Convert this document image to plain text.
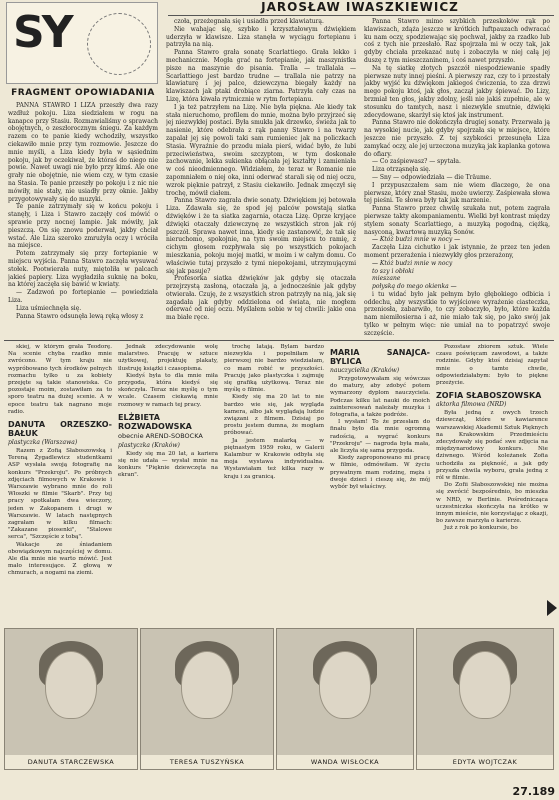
SY
FRAGMENT OPOWIADANIA
JAROSŁAW IWASZKIEWICZ

PANNA STAWRO I LIZA przeszły dwa razy wzdłuż pokoju. Liza siedziałem w rogu na kanapce przy Stasiu. Rozmawialiśmy o sprawach obojętnych, o zeszłorocznym śniegu. Za każdym razem co te panie kiedy wchodziły, wszystko ciekawiło mnie przy tym rozmowie. Jeszcze do mnie myśli, a Liza kiedy była w sąsiednim pokoju, jak by oczekiwał, że któraś do niego nie powie. Nawet uwagi nie było przy kimś. Ale one grały nie obojętnie, nie wiem czy, w tym czasie na Stasia. Te panie przeszły po pokoju i z nic nie mówiły, nie stały, nie usiadły przy oknie. Jakby przygotowywały się do muzyki.

Te panie zatrzymały się w końcu pokoju i stanęły, i Liza i Stawro zaczęły coś mówić o sprawie przy nocnej lampie. Jak mówiły, jak pieszczą. On się znowu poderwał, jakby chciał wstać. Ale Liza szeroko zmrużyła oczy i wróciła na miejsce.

Potem zatrzymały się przy fortepianie w miejscu wyjścia. Panna Stawro zaczęła wysuwać stołek. Pootwierała nuty, miętoliła w palcach jakieś papiery. Liza wygładziła suknię na boku, na której zaczęła się bawić w kwiaty.

— Zadzwoń po fortepianie — powiedziała Liza.

Liza uśmiechnęła się.

Panna Stawro odsunęła lewą ręką włosy z

czoła, przeżegnała się i usiadła przed klawiaturą.

Nie wahając się, szybko i krzyształowym dźwiękiem uderzyła w klawisze. Liza stanęła w wyciągu fortepianu i patrzyła na nią.

Panna Stawro grała sonatę Scarlattiego. Grała lekko i mechanicznie. Mogła grać na fortepianie, jak maszynistka pisze na maszynie do pisania. Tralla — trallalala — Scarlattiego jest bardzo trudne — trallala nie patrzy na klawiaturę i jej palce, dziewczyna biegały każdy na klawiszach jak ptaki drobiące ziarna. Patrzyła cały czas na Lizę, która kiwała rytmicznie w rytm fortepianu.

I ja też patrzyłem na Lizę. Nie była piękna. Ale kiedy tak stała nieruchomo, profilem do mnie, można było przyjrzeć się jej niezwykłej postaci. Była smukła jak drzewko, świeża jak to nasienie, które odebrała z rąk panny Stawro i na twarzy zapalał jej się powoli taki sam rumieniec jak na policzkach Stasia. Wyraźnie do przodu miała pierś, widać było, że lubi przeciwieństwa, swoim szczyptom, w tym doskonałe zachowanie, lekka sukienka obłącała jej kształty i zamieniała w coś nieodmiennego. Widziałem, że teraz w Romanie nie zapomniałem o niej oka, inni oderwać starali się od niej oczu, wzrok pięknie patrzył, z Stasiu ciekawiło. Jednak zmęczył się trochę, mówił ciałem.

Panna Stawro zagrała dwie sonaty. Dźwiękiem jej betowała Liza. Zdawała się, że spod jej palców powstają siatka dźwięków i że ta siatka zagarnia, otacza Lizę. Oprze kryjące dźwięki otaczały dziewczynę ze wszystkich stron jak rój pszczół. Sprawa nawet inna, kiedy się zastanowić, że tak się nieruchomo, spokojnie, na tym swoim miejscu to ramię, z cichym głosem rozpływała się po wszystkich pokojach mieszkania, pokoju mojej matki, w moim i w całym domu. Co właściwie tutaj przyszło z tymi niepokojami, utrzymującymi się jak pasuje?

Profesorka siatka dźwięków jak gdyby się otaczała przejrzystą zasłoną, otaczała ją, a jednocześnie jak gdyby otwierała. Czuję, że z wszystkich stron patrzyły na nią, jak się zagadała jak gdyby oddzielona od świata, nie mogłem oderwać od niej oczu. Myślałem sobie w tej chwili: jakie ona ma białe ręce.

Panna Stawro mimo szybkich przeskoków rąk po klawiszach, zdąża jeszcze w krótkich luftpauzach odwracać ku nam oczy, spodziewając się pochwał, jakby za rzadko lub coś z tych nie przesłało. Raz spojrzała mi w oczy tak, jak gdyby chciała przekazać nutę i zobaczyła w niej całą jej duszę z tym mieszczaninem, i coś nawet przyszło.

Na tę siatkę złotych pszczół niespodziewanie spadły pierwsze nuty innej pieśni. A pierwszy raz, czy to i przestały jakby wyjść ku dźwiękom jakiegoś ćwiczenia, to zza drzwi mego pokoju ktoś, jak głos, zaczął jakby śpiewać. Do Lizy, brzmiał ten głos, jakby zdolny, jeśli nie jakiś zupełnie, ale w stosunku do tamtych, nasz i niezwykle smutnie, dźwięki zdecydowane, skarżył się ktoś jak instrument.

Panna Stawro nie dokończyła drugiej sonaty. Przerwała ją na wysokiej nucie, jak gdyby spojrzała się w miejsce, które jeszcze nie przyszło. Z tej szybkości przesunęła Liza zamykać oczy, ale jej urzeczona muzyką jak kaplanka gotowa do ofiary.

— Co zaśpiewasz? — spytała.

Liza otrząsnęła się.

— Sny — odpowiedziała — die Träume.

I przypuszczałem sam nie wiem dlaczego, że ona pierwsze, który znał Stasiu, może uwierzy. Zaśpiewała słowa tej pieśni. Te słowa były tak jak marzenie.

Panna Stawro przez chwilę szukała nut, potem zagrała pierwsze takty akompaniamentu. Wielki był kontrast między stylem sonaty Scarlattiego, a muzyką pogodną, ciężką, nasyconą, kwartową muzyką Sonów.

— Któż budzi mnie w nocy —

Zaczęła Liza cichutko i jak istynnie, że przez ten jeden moment przerażenia i niezwykły głos przerażony,

— Któż budzi mnie w nocy

to szy i obłoki

mieszane

połyską do mego okienka —

i tu widać było jak pełnym było głębokiego odbicia i oddechu, aby wszystkie to wyjściowe wyrażenie ciasteczka, przeniosła, zabarwiło, to czy zobaczyło, było, które każda nam niemiłosierna i aż, nie miało tak się, po jako swój jak tylko w pełnym więc: nie umiał na to popatrzyć swoje szczęście.

skiej, w którym grała Teodorę. Na scenie chyba rzadko mnie zwrócono. W tym kraju nie wypróbowano tych środków pełnych rozmachu tylko u za kobiety przejęte są takie stanowiska. Co pozostaje moim, zostawiłam za to sporo teatru na dużej scenie. A w epoce teatru tak nagrano moje radio.

DANUTA ORZESZKO-BAŁUK
plastyczka (Warszawa)

Razem z Zofią Słaboszowską i Tereną Żygadlewicz studentkami ASP wysłała swoją fotografię na konkurs "Przekroju". Po próbnych zdjęciach filmowych w Krakowie i Warszawie wybrano mnie do roli Włoszki w filmie "Skarb". Przy tej pracy spotkałam dwa wieczory, jeden w Zakopanem i drugi w Warszawie. W latach następnych zagrałam w kilku filmach: "Zakazane piosenki", "Stalowe serca", "Szczęście z tobą".

Wakacje ze śniadaniem obowiązkowym najczęściej w domu. Ale dla mnie nie warto mówić. Jest mało interesujące. Z głową w chmurach, a nogami na ziemi.

Jednak zdecydowanie wolę malarstwo. Pracuję w sztuce użytkowej, projektuję plakaty, ilustruję książki i czasopisma.

Kiedyś była to dla mnie miła przygoda, która kiedyś się skończyła. Teraz nie myślę o tym wcale. Czasem ciekawią mnie rozmowy w ramach tej pracy.

ELŻBIETA ROZWADOWSKA
obecnie AREND-SOBOCKA
plastyczka (Kraków)

Kiedy się ma 20 lat, a kariera się nie udała — wysłał mnie na konkurs "Pięknie dziewczęta na ekran".

trochę latają. Bylam bardzo niezwykła i popełniłam w pierwszej nie bardzo wiedziałam, co mam robić w przyszłości. Pracuję jako plastyczka i zajmuję się grafiką użytkową. Teraz nie myślę o filmie.

Kiedy się ma 20 lat to nie bardzo wie się, jak wygląda kamera, albo jak wyglądają ludzie związani z filmem. Dzisiaj po prostu jestem dumna, że mogłam próbować.

Ja jestem malarką — w piętnastym 1959 roku, w Galerii Kalambur w Krakowie odbyła się moja wystawa indywidualna. Wystawiałam też kilka razy w kraju i za granicą.

MARIA SANAJCA-BYLICA
nauczycielka (Kraków)

Przygotowywałam się wówczas do matury, aby zdobyć potem wymarzony dyplom nauczyciela. Podczas kilku lat nauki do moich zainteresowań należały muzyka i fotografia, a także podróże.

I wysłam! To że przesłam do finału było dla mnie ogromną radością, a wygrać konkurs "Przekroju" — nagroda była mała, ale liczyła się sama przygoda.

Kiedy zaproponowano mi pracę w filmie, odmówiłam. W życiu prywatnym mam rodzinę, męża i dwoje dzieci i cieszę się, że mój wybór był właściwy.

Pozostaw zbiorem sztuk. Wiele czasu poświęcam zawodowi, a także rodzinie. Gdyby ktoś dzisiaj zapytał mnie o tamte chwile, odpowiedziałabym: było to piękne przeżycie.

ZOFIA SŁABOSZOWSKA
aktorka filmowa (NRD)

Była jedną z owych trzech dziewcząt, które w kawiarence warszawskiej Akademii Sztuk Pięknych na Krakowskim Przedmieściu zdecydowały się podać swe zdjęcia na międzynarodowy konkurs. Nie dziwnego. Wśród koleżanek Zofia uchodziła za piękność, a jak gdy przyszła chwila wyboru, grała jedną z ról w filmie.

Do Zofii Słaboszowskiej nie można się zwrócić bezpośrednio, bo mieszka w NRD, w Berlinie. Pośrednicząca uczestniczka skończyła na krótko w innym mieście, nie korzystając z okazji, bo zawsze marzyła o karierze.

Już z rok po konkursie, bo

DANUTA STARCZEWSKA	TERESA TUSZYŃSKA	WANDA WISŁOCKA	EDYTA WOJTCZAK
27.189
